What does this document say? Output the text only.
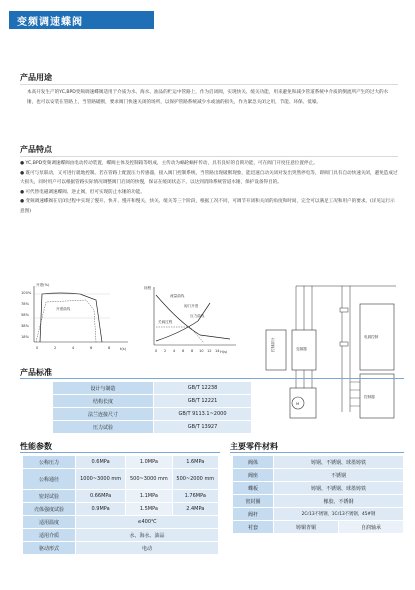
变频调速蝶阀
产品用途

本高开发生产的YC,BPD变频调速蝶阀适用于介质为水、海水、油品的贮运中管路上，作为启闭阀，实现快关、缓关功能，用来避免和减少管道系统中介质的倒流所产生的过大的水锤，也可以安装在管路上，当管路破断，要求阀门快速关闭的场所，以保护管路系统减少水或油的损失，作为紧急关闭之用，节能、环保、低噪。

产品特点

● YC,BPD变频调速蝶阀由电动传动装置，蝶阀主体及控制箱等组成，主传动为蜗轮蜗杆传动，具有良好的自锁功能，可在阀门开度任意位置停止。

● 既可与泵联动，又可进行就地控制。若在管路上配置压力传感器，接入阀门控制系统，当管路出现破断现象，能迅速自动关闭对发出突然停电等，即阀门具有自动快速关闭，避免造成过大损失，同时用户可以根据管路实际情况调整阀门启闭的快慢，保证在缓闭状态下，以达到消除系统管道水锤，保护设备得目的。

● 可代替电磁调速蝶阀、逆止阀，但可实现防止水锤的功能。

● 变频调速蝶阀在启闭过程中实现了慢开、快开、慢开和慢关、快关、缓关等三个阶段，根据工况不同，可调节开闭和关闭的角度和时间，完全可以满足工况和用户的要求。(详见运行示意图)

开度(%)
t(s)
100%
78%
58%
38%
18%
开度曲线
0	2	4	6	8
扬程
H(s)
流量曲线
阀门开度
压力曲线
关阀过程
0 2 4 6 8 10 12 14	控制部分	变频器
电源控制
控制器
M
产品标准
设计与制造	GB/T 12238
结构长度	GB/T 12221
法兰连接尺寸	GB/T 9113.1~2000
压力试验	GB/T 13927
性能参数
公称压力	0.6MPa	1.0MPa	1.6MPa
公称通径	1000~3000 mm	500~3000 mm	500~2000 mm
密封试验	0.66MPa	1.1MPa	1.76MPa
壳体强度试验	0.9MPa	1.5MPa	2.4MPa
适用温度	≤400℃		
适用介质	水、海水、油品		
驱动形式	电动		
主要零件材料
阀体	铸钢、不锈钢、球墨铸铁	
阀座	不锈钢	
蝶板	铸钢、不锈钢、球墨铸铁	
密封圈	橡胶、不锈钢	
阀杆	2Cr13不锈钢、1Cr13不锈钢、45#钢	
衬套	铸铜青铜	自润轴承
